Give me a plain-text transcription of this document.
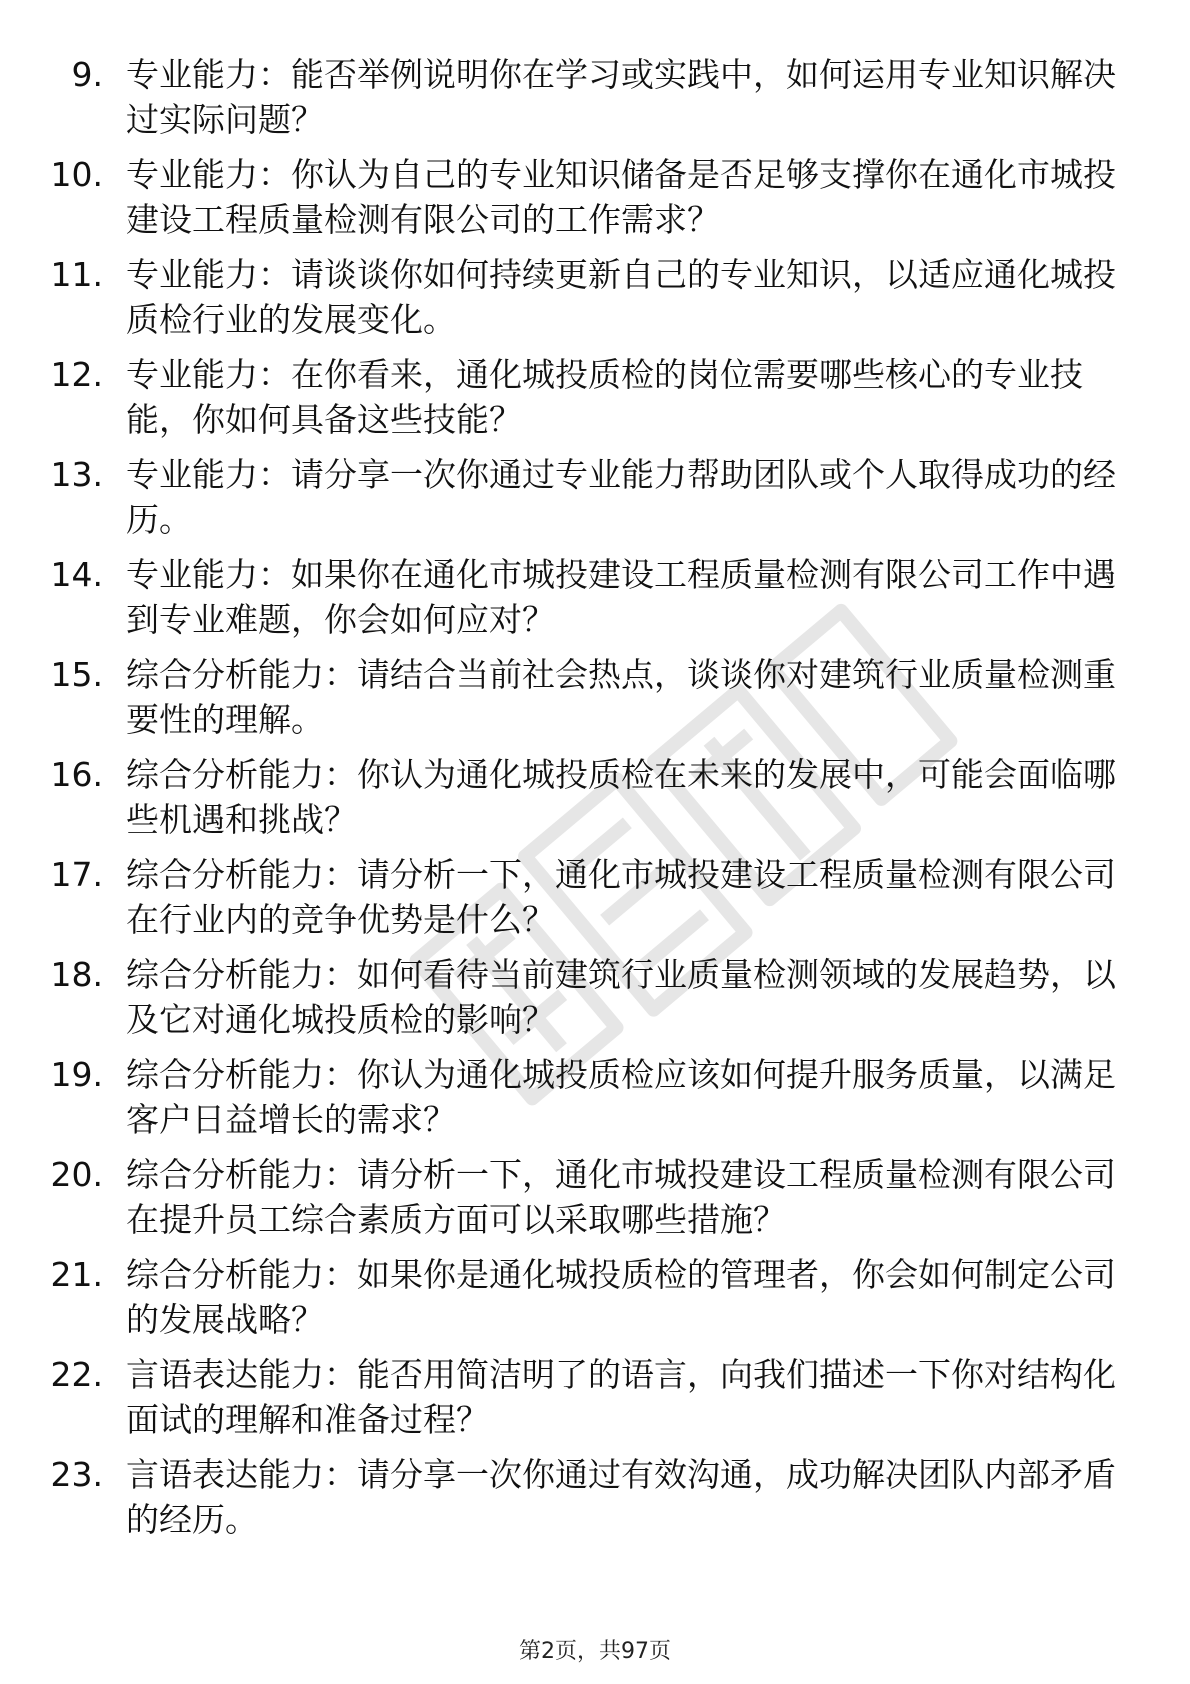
9. 专业能力：能否举例说明你在学习或实践中，如何运用专业知识解决过实际问题？
10. 专业能力：你认为自己的专业知识储备是否足够支撑你在通化市城投建设工程质量检测有限公司的工作需求？
11. 专业能力：请谈谈你如何持续更新自己的专业知识，以适应通化城投质检行业的发展变化。
12. 专业能力：在你看来，通化城投质检的岗位需要哪些核心的专业技能，你如何具备这些技能？
13. 专业能力：请分享一次你通过专业能力帮助团队或个人取得成功的经历。
14. 专业能力：如果你在通化市城投建设工程质量检测有限公司工作中遇到专业难题，你会如何应对？
15. 综合分析能力：请结合当前社会热点，谈谈你对建筑行业质量检测重要性的理解。
16. 综合分析能力：你认为通化城投质检在未来的发展中，可能会面临哪些机遇和挑战？
17. 综合分析能力：请分析一下，通化市城投建设工程质量检测有限公司在行业内的竞争优势是什么？
18. 综合分析能力：如何看待当前建筑行业质量检测领域的发展趋势，以及它对通化城投质检的影响？
19. 综合分析能力：你认为通化城投质检应该如何提升服务质量，以满足客户日益增长的需求？
20. 综合分析能力：请分析一下，通化市城投建设工程质量检测有限公司在提升员工综合素质方面可以采取哪些措施？
21. 综合分析能力：如果你是通化城投质检的管理者，你会如何制定公司的发展战略？
22. 言语表达能力：能否用简洁明了的语言，向我们描述一下你对结构化面试的理解和准备过程？
23. 言语表达能力：请分享一次你通过有效沟通，成功解决团队内部矛盾的经历。
第2页，共97页
